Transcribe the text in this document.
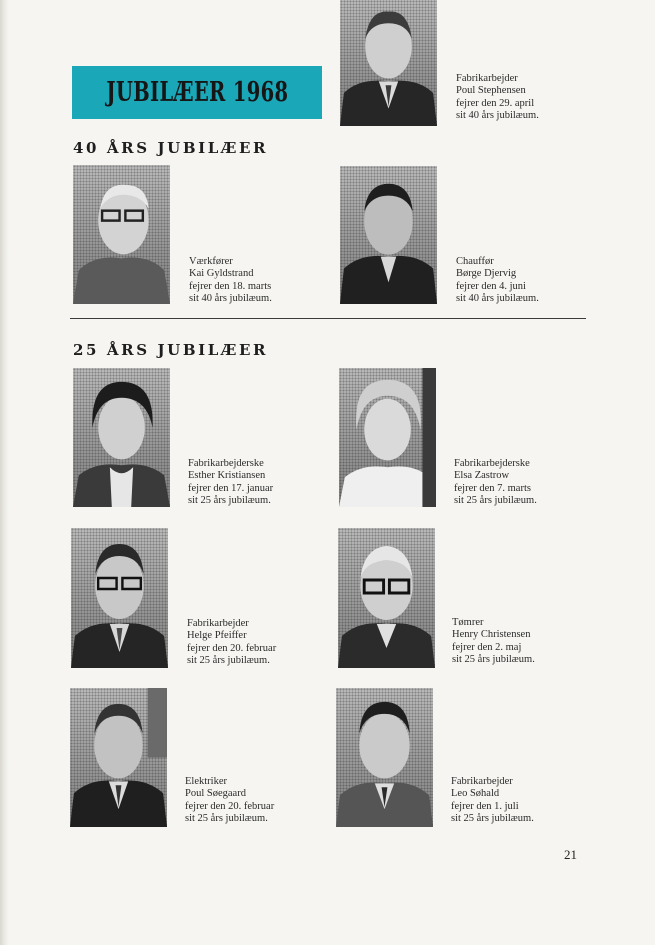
JUBILÆER 1968
40 ÅRS JUBILÆER
25 ÅRS JUBILÆER
Fabrikarbejder
Poul Stephensen
fejrer den 29. april
sit 40 års jubilæum.
Værkfører
Kai Gyldstrand
fejrer den 18. marts
sit 40 års jubilæum.
Chauffør
Børge Djervig
fejrer den 4. juni
sit 40 års jubilæum.
Fabrikarbejderske
Esther Kristiansen
fejrer den 17. januar
sit 25 års jubilæum.
Fabrikarbejderske
Elsa Zastrow
fejrer den 7. marts
sit 25 års jubilæum.
Fabrikarbejder
Helge Pfeiffer
fejrer den 20. februar
sit 25 års jubilæum.
Tømrer
Henry Christensen
fejrer den 2. maj
sit 25 års jubilæum.
Elektriker
Poul Søegaard
fejrer den 20. februar
sit 25 års jubilæum.
Fabrikarbejder
Leo Søhald
fejrer den 1. juli
sit 25 års jubilæum.
21
